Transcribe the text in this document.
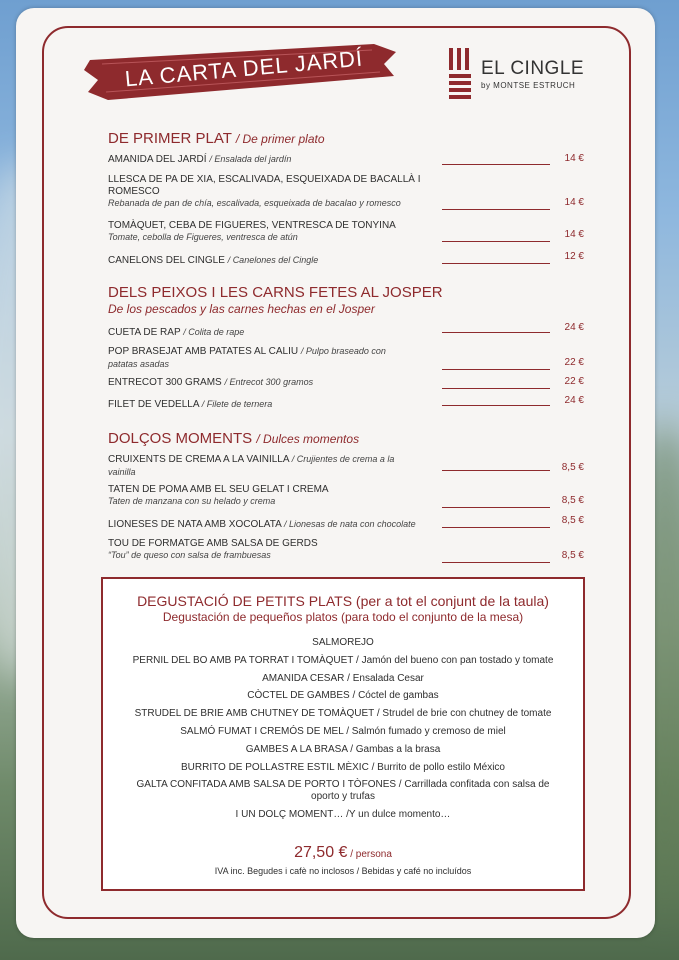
LA CARTA DEL JARDÍ	EL CINGLE
by MONTSE ESTRUCH
DE PRIMER PLAT / De primer plato
AMANIDA DEL JARDÍ / Ensalada del jardín	14 €
LLESCA DE PA DE XIA, ESCALIVADA, ESQUEIXADA DE BACALLÀ I ROMESCO
Rebanada de pan de chía, escalivada, esqueixada de bacalao y romesco	14 €
TOMÀQUET, CEBA DE FIGUERES, VENTRESCA DE TONYINA
Tomate, cebolla de Figueres, ventresca de atún	14 €
CANELONS DEL CINGLE / Canelones del Cingle	12 €
DELS PEIXOS I LES CARNS FETES AL JOSPER
De los pescados y las carnes hechas en el Josper
CUETA DE RAP / Colita de rape	24 €
POP BRASEJAT AMB PATATES AL CALIU / Pulpo braseado con patatas asadas	22 €
ENTRECOT 300 GRAMS / Entrecot 300 gramos	22 €
FILET DE VEDELLA / Filete de ternera	24 €
DOLÇOS MOMENTS / Dulces momentos
CRUIXENTS DE CREMA A LA VAINILLA / Crujientes de crema a la vainilla	8,5 €
TATEN DE POMA AMB EL SEU GELAT I CREMA
Taten de manzana con su helado y crema	8,5 €
LIONESES DE NATA AMB XOCOLATA / Lionesas de nata con chocolate	8,5 €
TOU DE FORMATGE AMB SALSA DE GERDS
“Tou” de queso con salsa de frambuesas	8,5 €
DEGUSTACIÓ DE PETITS PLATS (per a tot el conjunt de la taula)
Degustación de pequeños platos (para todo el conjunto de la mesa)
SALMOREJO
PERNIL DEL BO AMB PA TORRAT I TOMÀQUET / Jamón del bueno con pan tostado y tomate
AMANIDA CESAR / Ensalada Cesar
CÒCTEL DE GAMBES / Cóctel de gambas
STRUDEL DE BRIE AMB CHUTNEY DE TOMÀQUET / Strudel de brie con chutney de tomate
SALMÓ FUMAT I CREMÓS DE MEL / Salmón fumado y cremoso de miel
GAMBES A LA BRASA / Gambas a la brasa
BURRITO DE POLLASTRE ESTIL MÈXIC / Burrito de pollo estilo México
GALTA CONFITADA AMB SALSA DE PORTO I TÒFONES / Carrillada confitada con salsa de oporto y trufas
I UN DOLÇ MOMENT… /Y un dulce momento…
27,50 € / persona
IVA inc. Begudes i cafè no inclosos / Bebidas y café no incluídos
